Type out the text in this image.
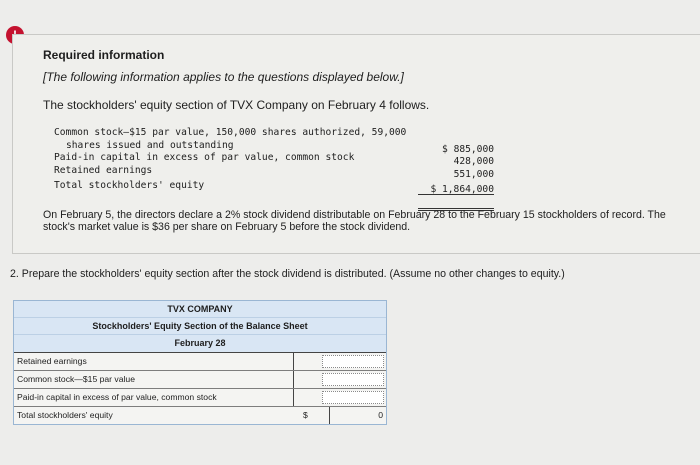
Required information
[The following information applies to the questions displayed below.]
The stockholders' equity section of TVX Company on February 4 follows.
Common stock—$15 par value, 150,000 shares authorized, 59,000
shares issued and outstanding	$ 885,000
Paid-in capital in excess of par value, common stock	428,000
Retained earnings	551,000
Total stockholders' equity	$ 1,864,000
On February 5, the directors declare a 2% stock dividend distributable on February 28 to the February 15 stockholders of record. The stock's market value is $36 per share on February 5 before the stock dividend.
2. Prepare the stockholders' equity section after the stock dividend is distributed. (Assume no other changes to equity.)
TVX COMPANY
Stockholders' Equity Section of the Balance Sheet
February 28
Retained earnings
Common stock—$15 par value
Paid-in capital in excess of par value, common stock
Total stockholders' equity	$	0
